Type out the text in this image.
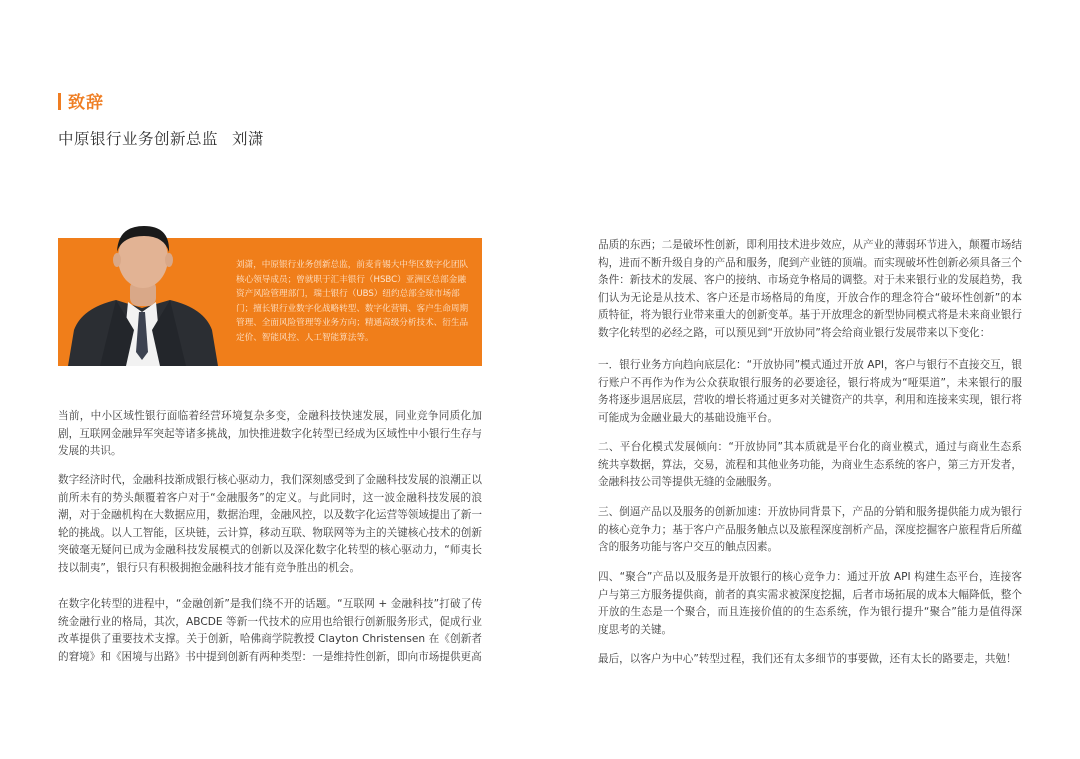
致辞
中原银行业务创新总监 刘潇
刘潇，中原银行业务创新总监，前麦肯锡大中华区数字化团队核心领导成员；曾就职于汇丰银行（HSBC）亚洲区总部金融资产风险管理部门，瑞士银行（UBS）纽约总部全球市场部门；擅长银行业数字化战略转型、数字化营销、客户生命周期管理、全面风险管理等业务方向；精通高级分析技术、衍生品定价、智能风控、人工智能算法等。
当前，中小区域性银行面临着经营环境复杂多变，金融科技快速发展，同业竞争同质化加剧，互联网金融异军突起等诸多挑战，加快推进数字化转型已经成为区域性中小银行生存与发展的共识。
数字经济时代，金融科技渐成银行核心驱动力，我们深刻感受到了金融科技发展的浪潮正以前所未有的势头颠覆着客户对于“金融服务”的定义。与此同时，这一波金融科技发展的浪潮，对于金融机构在大数据应用，数据治理，金融风控，以及数字化运营等领域提出了新一轮的挑战。以人工智能，区块链，云计算，移动互联、物联网等为主的关键核心技术的创新突破毫无疑问已成为金融科技发展模式的创新以及深化数字化转型的核心驱动力，“师夷长技以制夷”，银行只有积极拥抱金融科技才能有竞争胜出的机会。
在数字化转型的进程中，“金融创新”是我们绕不开的话题。“互联网 + 金融科技”打破了传统金融行业的格局，其次，ABCDE 等新一代技术的应用也给银行创新服务形式，促成行业改革提供了重要技术支撑。关于创新，哈佛商学院教授 Clayton Christensen 在《创新者的窘境》和《困境与出路》书中提到创新有两种类型：一是维持性创新，即向市场提供更高
品质的东西；二是破坏性创新，即利用技术进步效应，从产业的薄弱环节进入，颠覆市场结构，进而不断升级自身的产品和服务，爬到产业链的顶端。而实现破坏性创新必须具备三个条件：新技术的发展、客户的接纳、市场竞争格局的调整。对于未来银行业的发展趋势，我们认为无论是从技术、客户还是市场格局的角度，开放合作的理念符合“破坏性创新”的本质特征，将为银行业带来重大的创新变革。基于开放理念的新型协同模式将是未来商业银行数字化转型的必经之路，可以预见到“开放协同”将会给商业银行发展带来以下变化：
一．银行业务方向趋向底层化：“开放协同”模式通过开放 API，客户与银行不直接交互，银行账户不再作为作为公众获取银行服务的必要途径，银行将成为“哑渠道”，未来银行的服务将逐步退居底层，营收的增长将通过更多对关键资产的共享，利用和连接来实现，银行将可能成为金融业最大的基础设施平台。
二、平台化模式发展倾向：“开放协同”其本质就是平台化的商业模式，通过与商业生态系统共享数据，算法，交易，流程和其他业务功能，为商业生态系统的客户，第三方开发者，金融科技公司等提供无缝的金融服务。
三、倒逼产品以及服务的创新加速：开放协同背景下，产品的分销和服务提供能力成为银行的核心竞争力；基于客户产品服务触点以及旅程深度剖析产品，深度挖掘客户旅程背后所蕴含的服务功能与客户交互的触点因素。
四、“聚合”产品以及服务是开放银行的核心竞争力：通过开放 API 构建生态平台，连接客户与第三方服务提供商，前者的真实需求被深度挖掘，后者市场拓展的成本大幅降低，整个开放的生态是一个聚合，而且连接价值的的生态系统，作为银行提升“聚合”能力是值得深度思考的关键。
最后，以客户为中心”转型过程，我们还有太多细节的事要做，还有太长的路要走，共勉！
